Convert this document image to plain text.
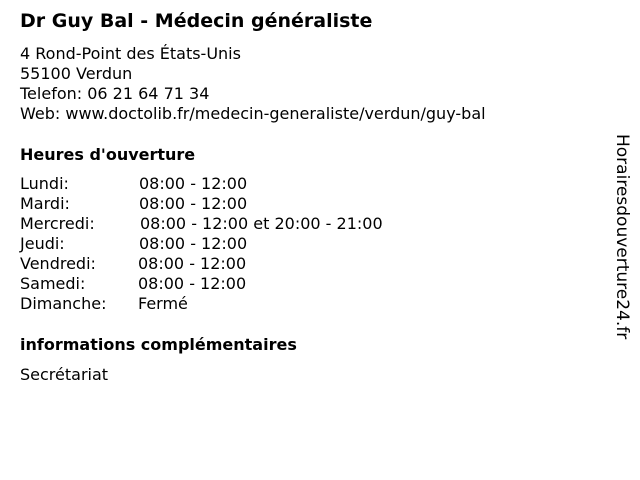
Dr Guy Bal - Médecin généraliste
4 Rond-Point des États-Unis
55100 Verdun
Telefon: 06 21 64 71 34
Web: www.doctolib.fr/medecin-generaliste/verdun/guy-bal
Heures d'ouverture
Lundi:	08:00 - 12:00
Mardi:	08:00 - 12:00
Mercredi:	08:00 - 12:00 et 20:00 - 21:00
Jeudi:	08:00 - 12:00
Vendredi:	08:00 - 12:00
Samedi:	08:00 - 12:00
Dimanche: Fermé
informations complémentaires
Secrétariat
Horairesdouverture24.fr
